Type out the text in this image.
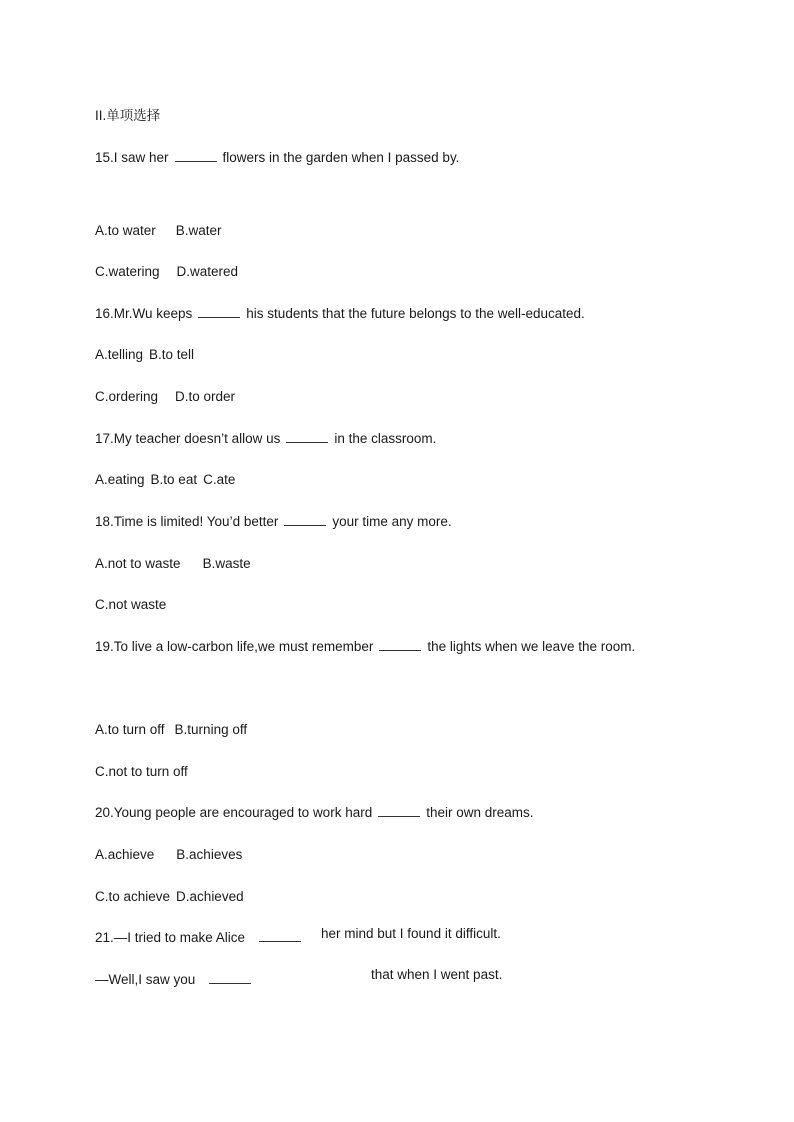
II.单项选择
15.I saw her	flowers in the garden when I passed by.
A.to water B.water
C.watering D.watered
16.Mr.Wu keeps	his students that the future belongs to the well-educated.
A.telling B.to tell
C.ordering D.to order
17.My teacher doesn’t allow us	in the classroom.
A.eating B.to eat C.ate
18.Time is limited! You’d better	your time any more.
A.not to waste B.waste
C.not waste
19.To live a low-carbon life,we must remember	the lights when we leave the room.
A.to turn off B.turning off
C.not to turn off
20.Young people are encouraged to work hard	their own dreams.
A.achieve B.achieves
C.to achieve D.achieved
21.—I tried to make Alice	her mind but I found it difficult.
—Well,I saw you	that when I went past.
